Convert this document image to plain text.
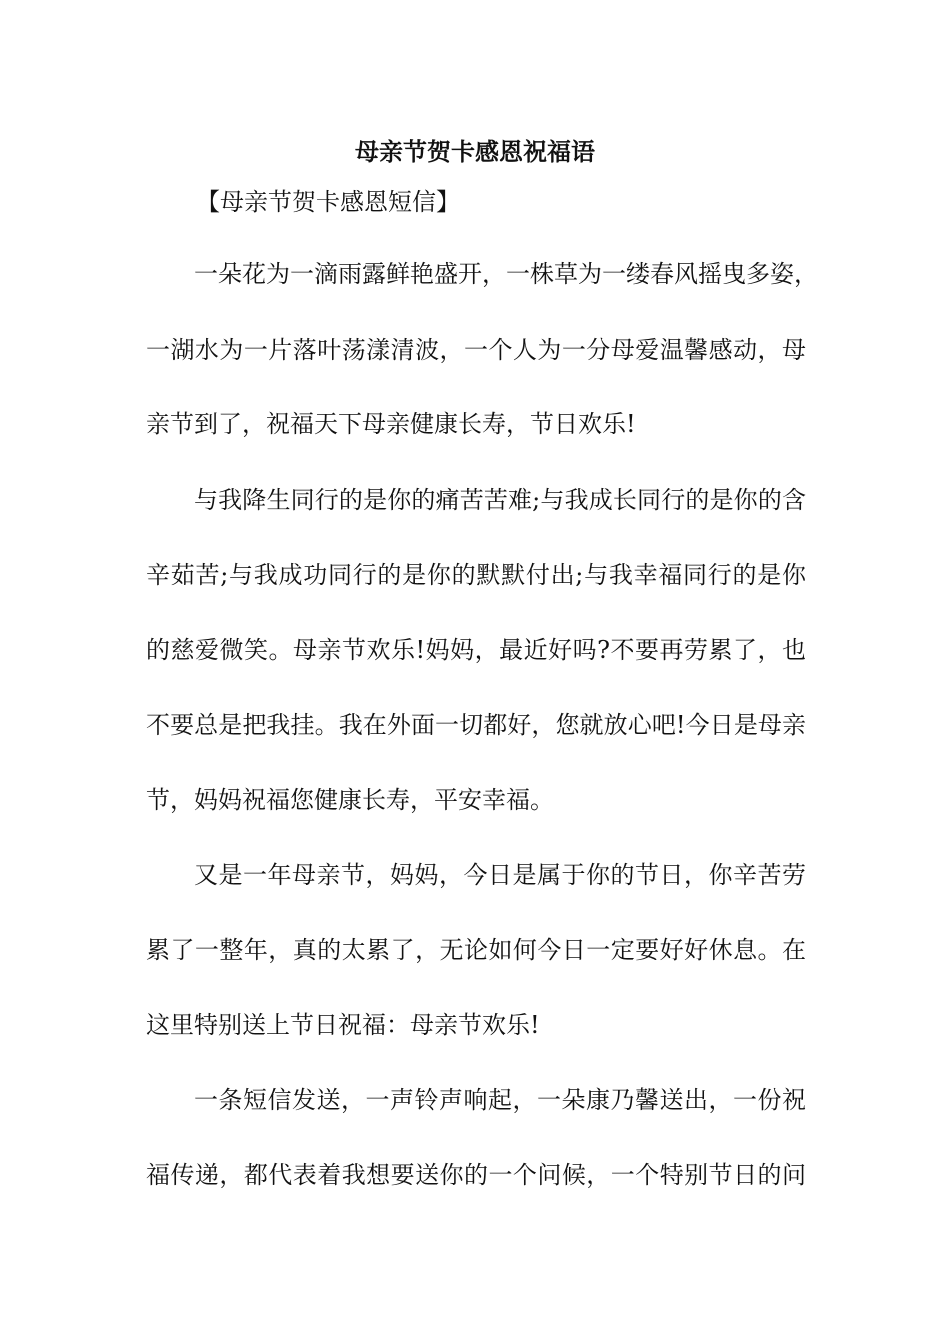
母亲节贺卡感恩祝福语
【母亲节贺卡感恩短信】
一朵花为一滴雨露鲜艳盛开，一株草为一缕春风摇曳多姿，
一湖水为一片落叶荡漾清波，一个人为一分母爱温馨感动，母
亲节到了，祝福天下母亲健康长寿，节日欢乐!
与我降生同行的是你的痛苦苦难;与我成长同行的是你的含
辛茹苦;与我成功同行的是你的默默付出;与我幸福同行的是你
的慈爱微笑。母亲节欢乐!妈妈，最近好吗?不要再劳累了，也
不要总是把我挂。我在外面一切都好，您就放心吧!今日是母亲
节，妈妈祝福您健康长寿，平安幸福。
又是一年母亲节，妈妈，今日是属于你的节日，你辛苦劳
累了一整年，真的太累了，无论如何今日一定要好好休息。在
这里特别送上节日祝福：母亲节欢乐!
一条短信发送，一声铃声响起，一朵康乃馨送出，一份祝
福传递，都代表着我想要送你的一个问候，一个特别节日的问
